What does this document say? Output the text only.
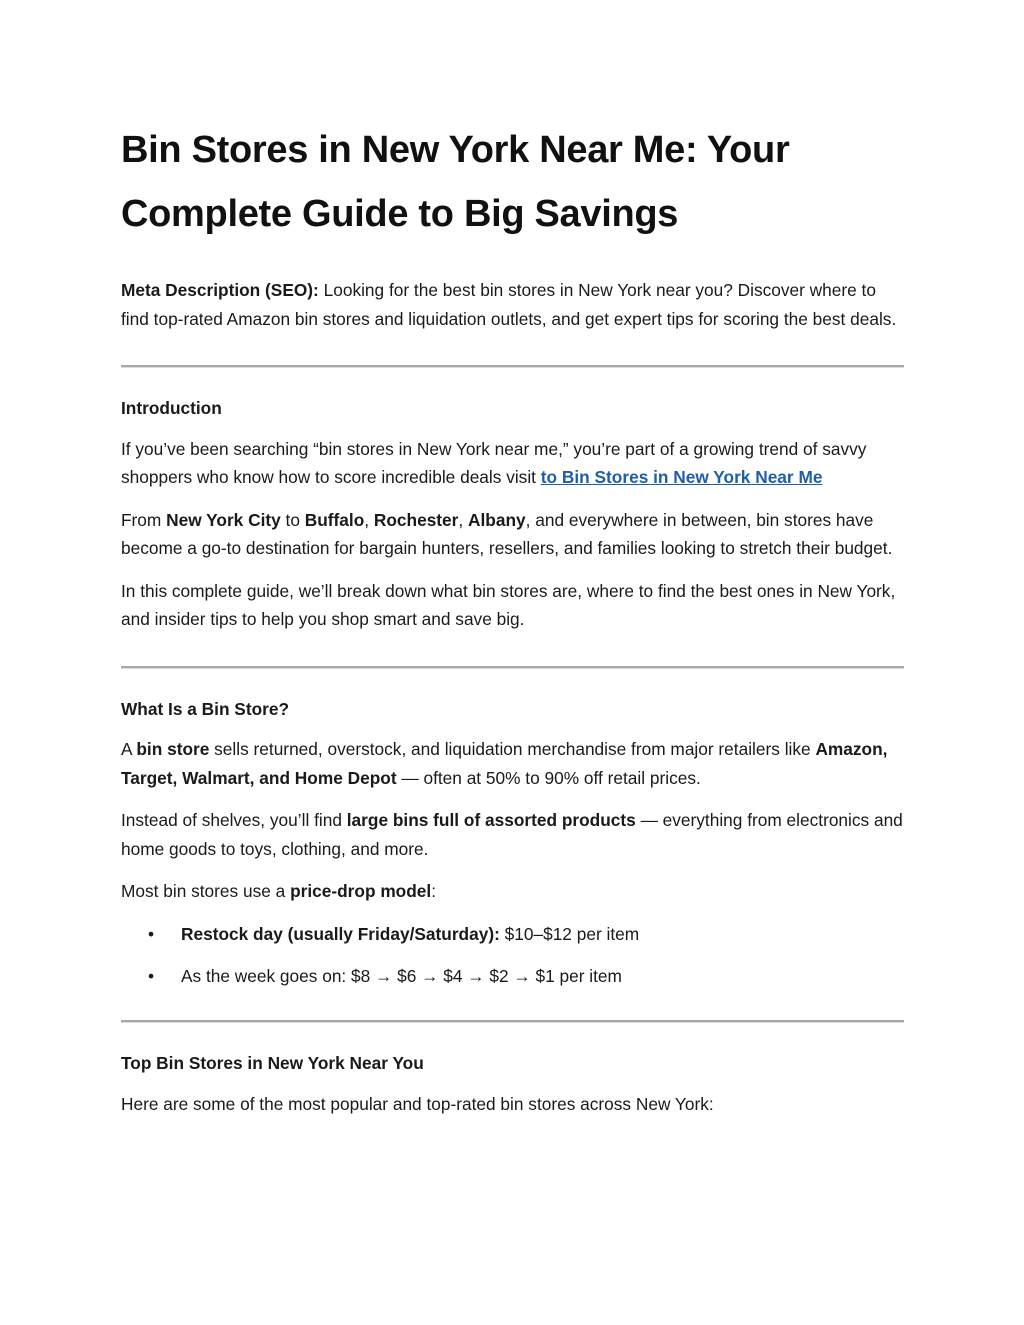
Bin Stores in New York Near Me: Your Complete Guide to Big Savings

Meta Description (SEO): Looking for the best bin stores in New York near you? Discover where to find top-rated Amazon bin stores and liquidation outlets, and get expert tips for scoring the best deals.

Introduction

If you’ve been searching “bin stores in New York near me,” you’re part of a growing trend of savvy shoppers who know how to score incredible deals visit to Bin Stores in New York Near Me

From New York City to Buffalo, Rochester, Albany, and everywhere in between, bin stores have become a go-to destination for bargain hunters, resellers, and families looking to stretch their budget.

In this complete guide, we’ll break down what bin stores are, where to find the best ones in New York, and insider tips to help you shop smart and save big.

What Is a Bin Store?

A bin store sells returned, overstock, and liquidation merchandise from major retailers like Amazon, Target, Walmart, and Home Depot — often at 50% to 90% off retail prices.

Instead of shelves, you’ll find large bins full of assorted products — everything from electronics and home goods to toys, clothing, and more.

Most bin stores use a price-drop model:

• Restock day (usually Friday/Saturday): $10–$12 per item
• As the week goes on: $8 → $6 → $4 → $2 → $1 per item

Top Bin Stores in New York Near You

Here are some of the most popular and top-rated bin stores across New York:
